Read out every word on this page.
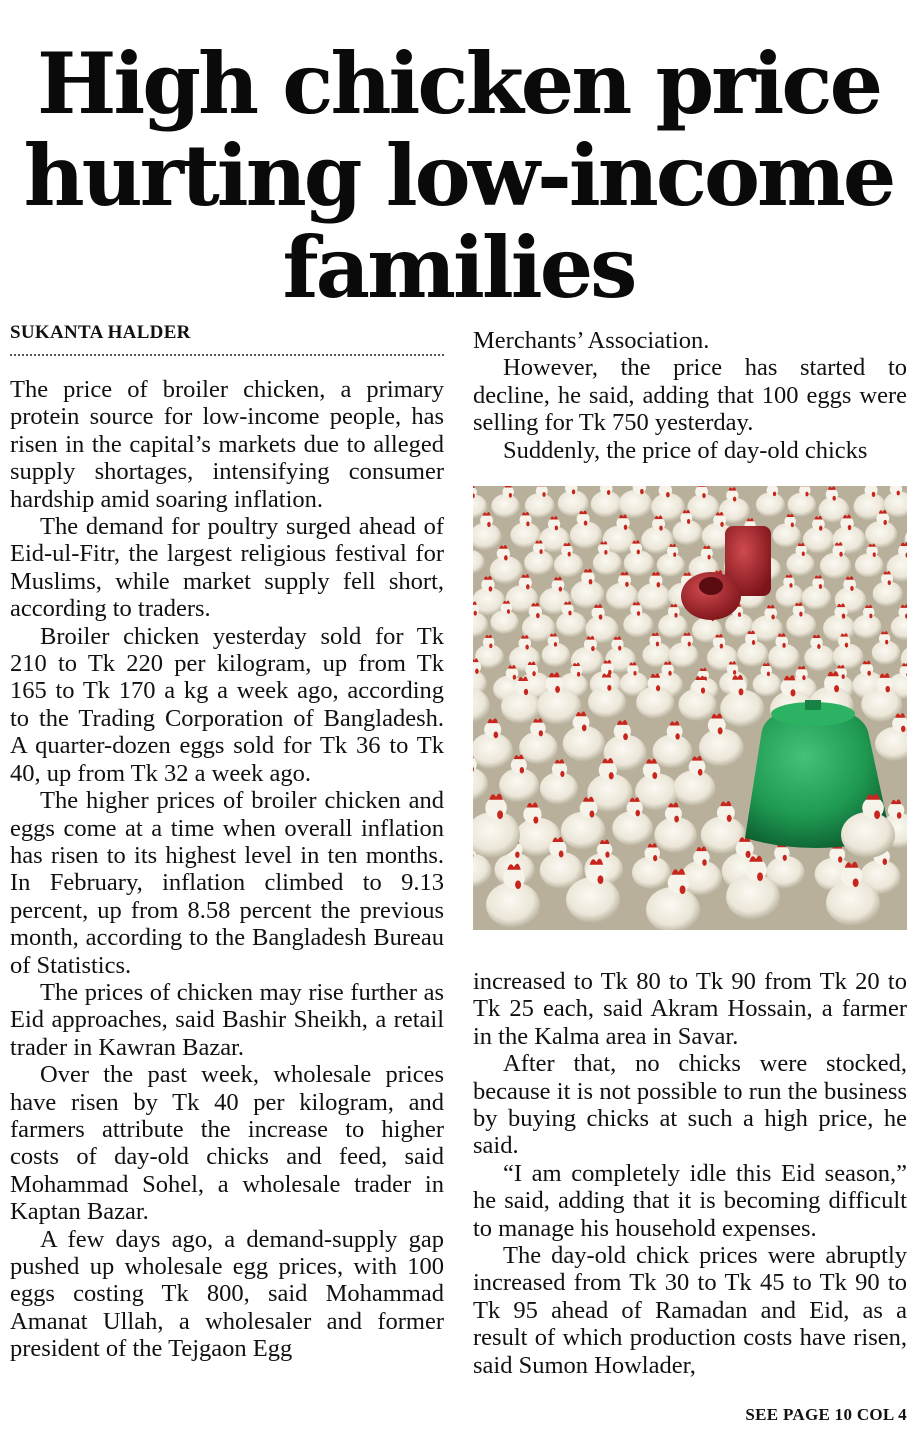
High chicken price
hurting low-income
families
SUKANTA HALDER

The price of broiler chicken, a primary protein source for low-income people, has risen in the capital’s markets due to alleged supply shortages, intensifying consumer hardship amid soaring inflation.

The demand for poultry surged ahead of Eid-ul-Fitr, the largest religious festival for Muslims, while market supply fell short, according to traders.

Broiler chicken yesterday sold for Tk 210 to Tk 220 per kilogram, up from Tk 165 to Tk 170 a kg a week ago, according to the Trading Corporation of Bangladesh. A quarter-dozen eggs sold for Tk 36 to Tk 40, up from Tk 32 a week ago.

The higher prices of broiler chicken and eggs come at a time when overall inflation has risen to its highest level in ten months. In February, inflation climbed to 9.13 percent, up from 8.58 percent the previous month, according to the Bangladesh Bureau of Statistics.

The prices of chicken may rise further as Eid approaches, said Bashir Sheikh, a retail trader in Kawran Bazar.

Over the past week, wholesale prices have risen by Tk 40 per kilogram, and farmers attribute the increase to higher costs of day-old chicks and feed, said Mohammad Sohel, a wholesale trader in Kaptan Bazar.

A few days ago, a demand-supply gap pushed up wholesale egg prices, with 100 eggs costing Tk 800, said Mohammad Amanat Ullah, a wholesaler and former president of the Tejgaon Egg

Merchants’ Association.

However, the price has started to decline, he said, adding that 100 eggs were selling for Tk 750 yesterday.

Suddenly, the price of day-old chicks

increased to Tk 80 to Tk 90 from Tk 20 to Tk 25 each, said Akram Hossain, a farmer in the Kalma area in Savar.

After that, no chicks were stocked, because it is not possible to run the business by buying chicks at such a high price, he said.

“I am completely idle this Eid season,” he said, adding that it is becoming difficult to manage his household expenses.

The day-old chick prices were abruptly increased from Tk 30 to Tk 45 to Tk 90 to Tk 95 ahead of Ramadan and Eid, as a result of which production costs have risen, said Sumon Howlader,

SEE PAGE 10 COL 4
